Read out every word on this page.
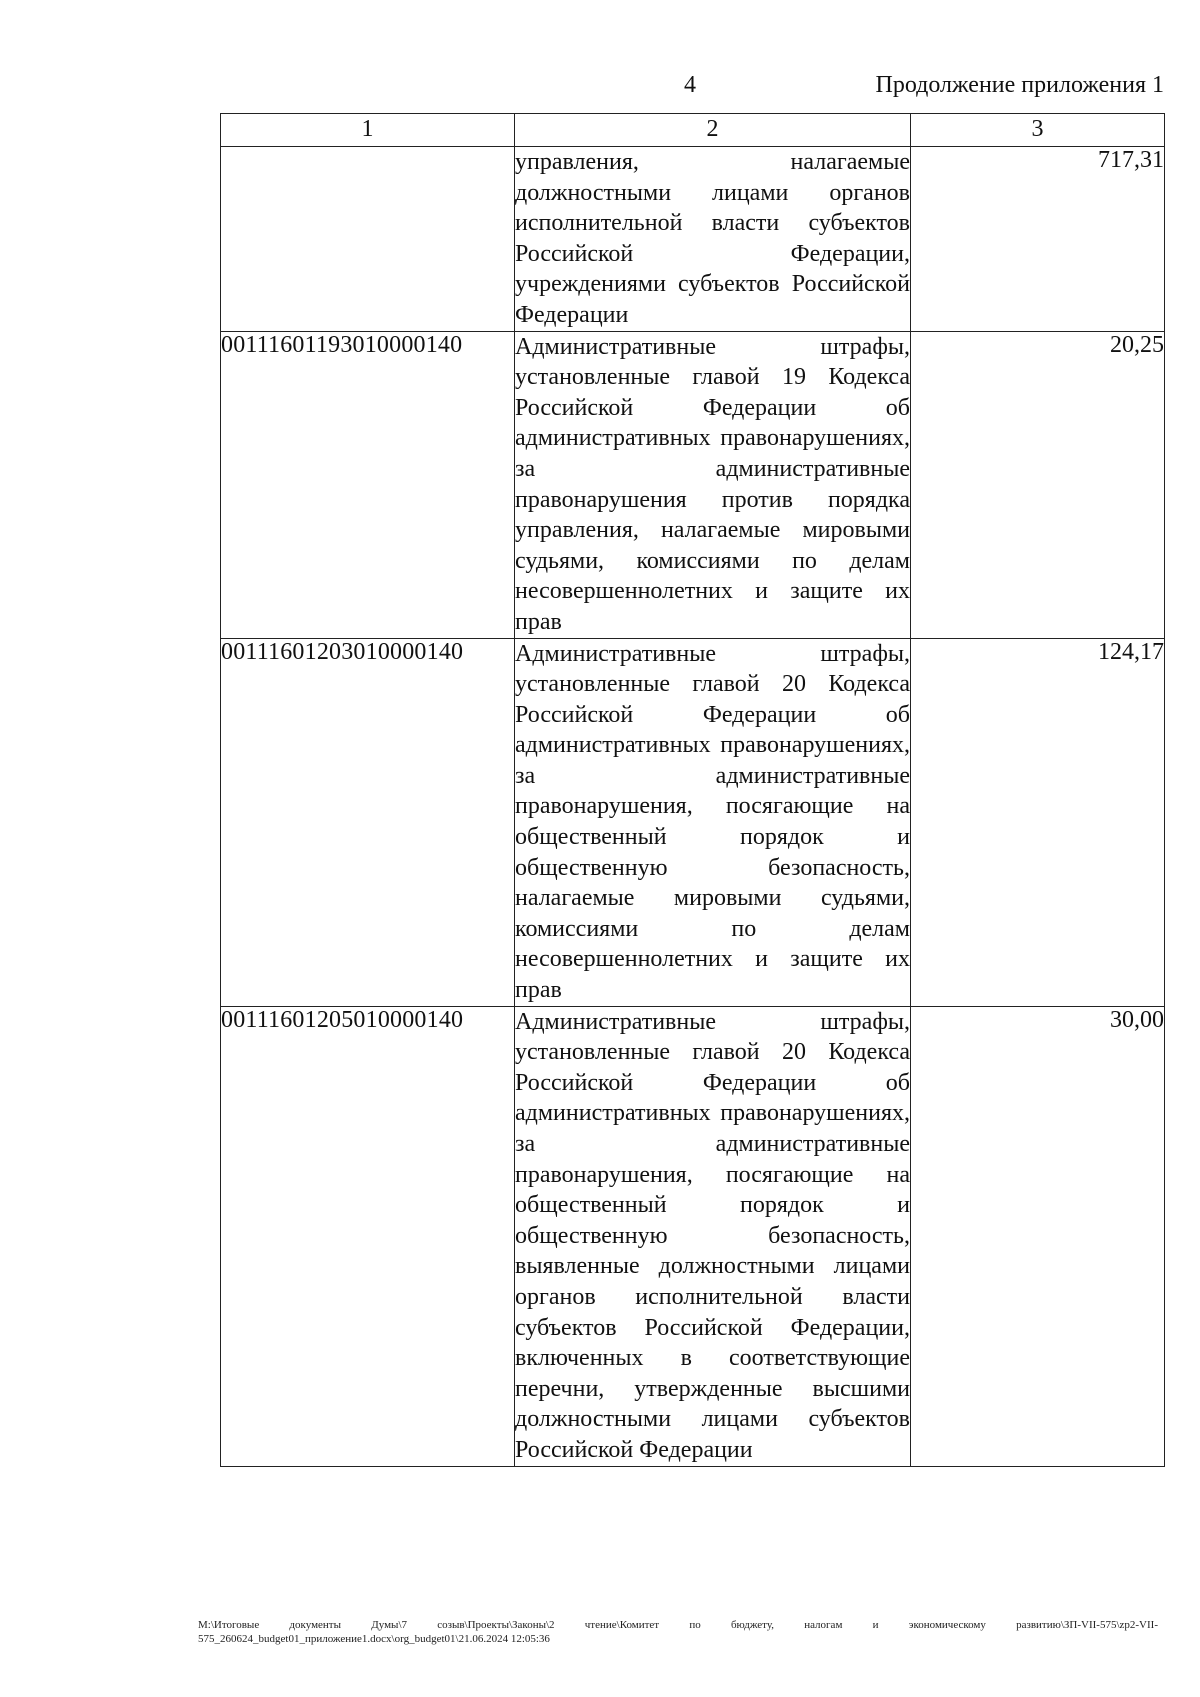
4	Продолжение приложения 1
1	2	3
	управления, налагаемые должностными лицами органов исполнительной власти субъектов Российской Федерации, учреждениями субъектов Российской Федерации	717,31
00111601193010000140	Административные штрафы, установленные главой 19 Кодекса Российской Федерации об административных правонарушениях, за административные правонарушения против порядка управления, налагаемые мировыми судьями, комиссиями по делам несовершеннолетних и защите их прав	20,25
00111601203010000140	Административные штрафы, установленные главой 20 Кодекса Российской Федерации об административных правонарушениях, за административные правонарушения, посягающие на общественный порядок и общественную безопасность, налагаемые мировыми судьями, комиссиями по делам несовершеннолетних и защите их прав	124,17
00111601205010000140	Административные штрафы, установленные главой 20 Кодекса Российской Федерации об административных правонарушениях, за административные правонарушения, посягающие на общественный порядок и общественную безопасность, выявленные должностными лицами органов исполнительной власти субъектов Российской Федерации, включенных в соответствующие перечни, утвержденные высшими должностными лицами субъектов Российской Федерации	30,00
M:\Итоговые документы Думы\7 созыв\Проекты\Законы\2 чтение\Комитет по бюджету, налогам и экономическому развитию\ЗП-VII-575\zp2-VII-575_260624_budget01_приложение1.docx\org_budget01\21.06.2024 12:05:36
